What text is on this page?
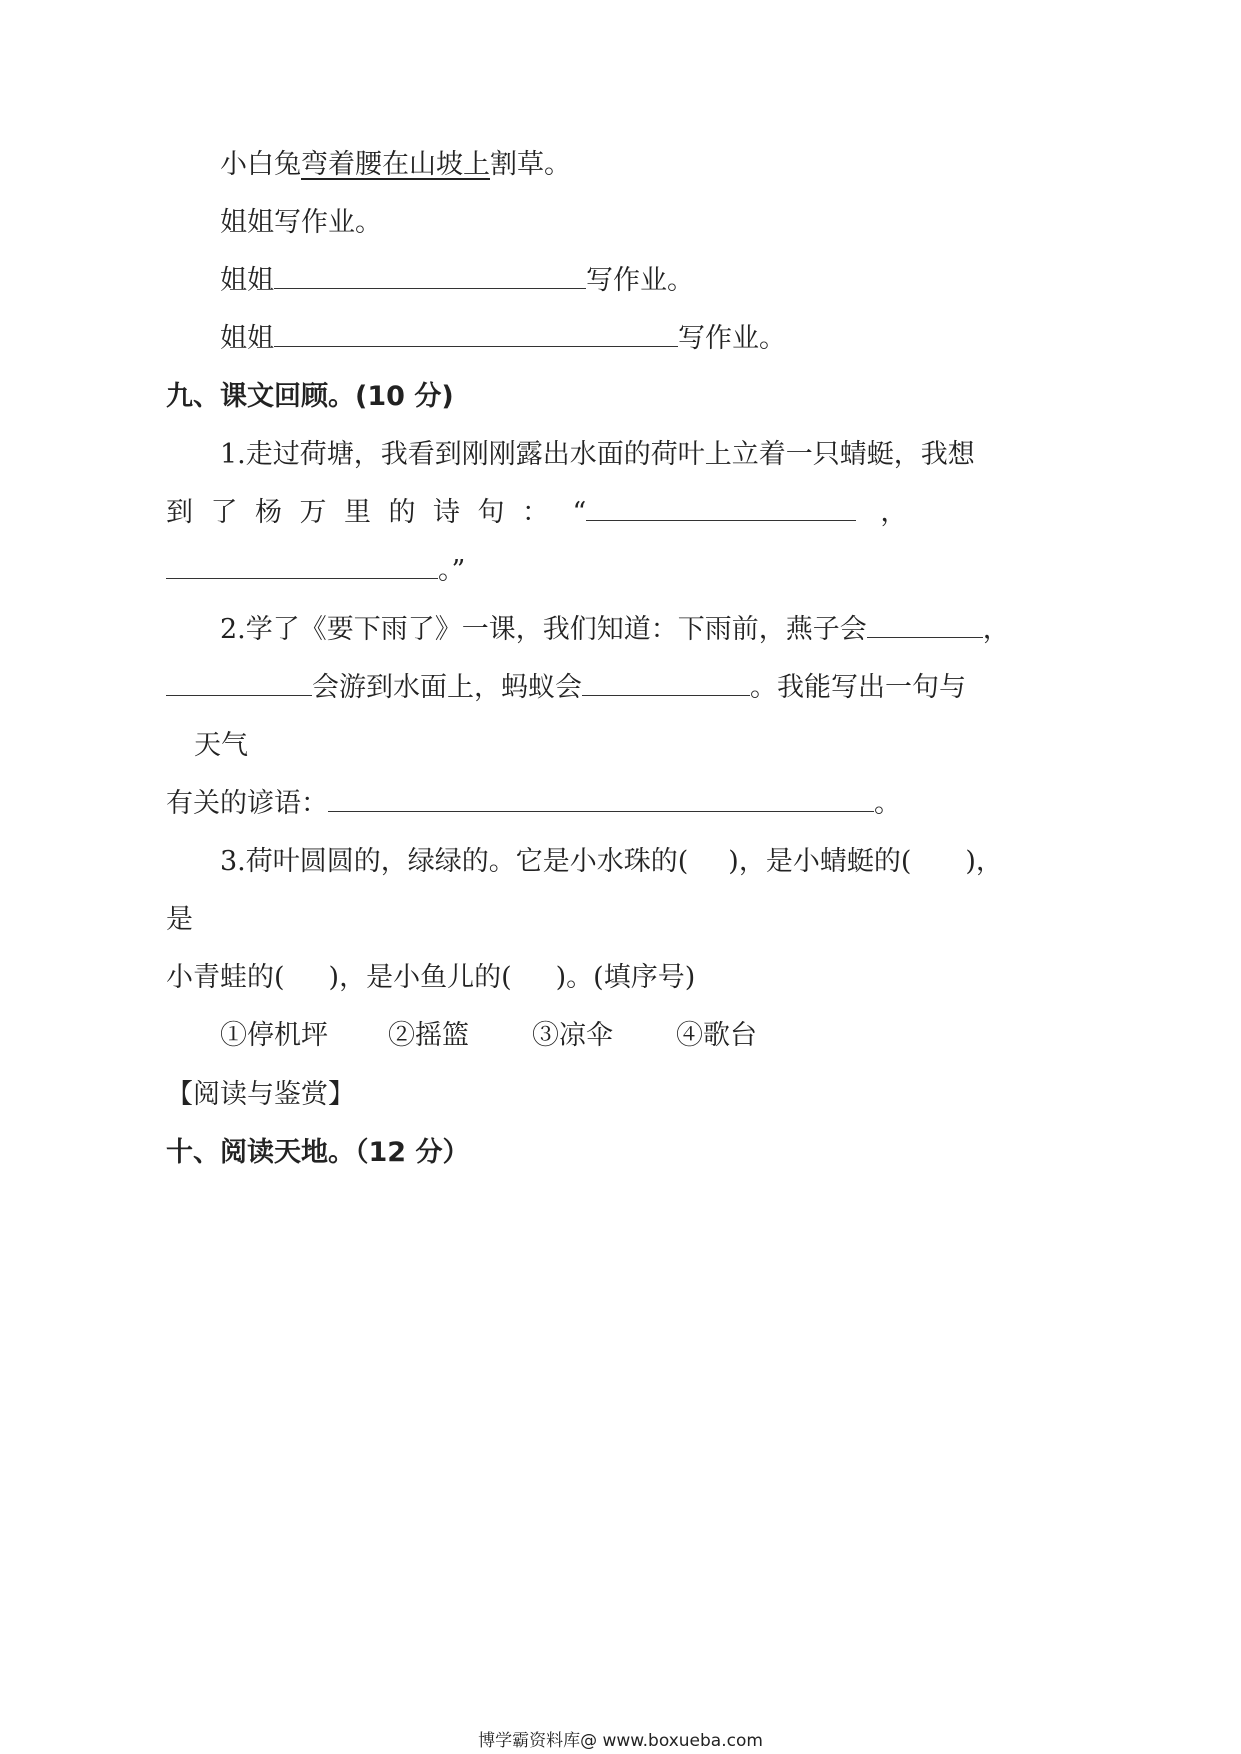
小白兔弯着腰在山坡上割草。
姐姐写作业。
姐姐	写作业。
姐姐	写作业。
九、课文回顾。(10 分)
1.走过荷塘，我看到刚刚露出水面的荷叶上立着一只蜻蜓，我想
到了杨万里的诗句： “	，
。”
2.学了《要下雨了》一课，我们知道：下雨前，燕子会	，
会游到水面上，蚂蚁会	。我能写出一句与
天气
有关的谚语：	。
3.荷叶圆圆的，绿绿的。它是小水珠的( )，是小蜻蜓的( )，
是
小青蛙的( )，是小鱼儿的( )。(填序号)
①停机坪 ②摇篮 ③凉伞 ④歌台
【阅读与鉴赏】
十、阅读天地。（12 分）
博学霸资料库@ www.boxueba.com
